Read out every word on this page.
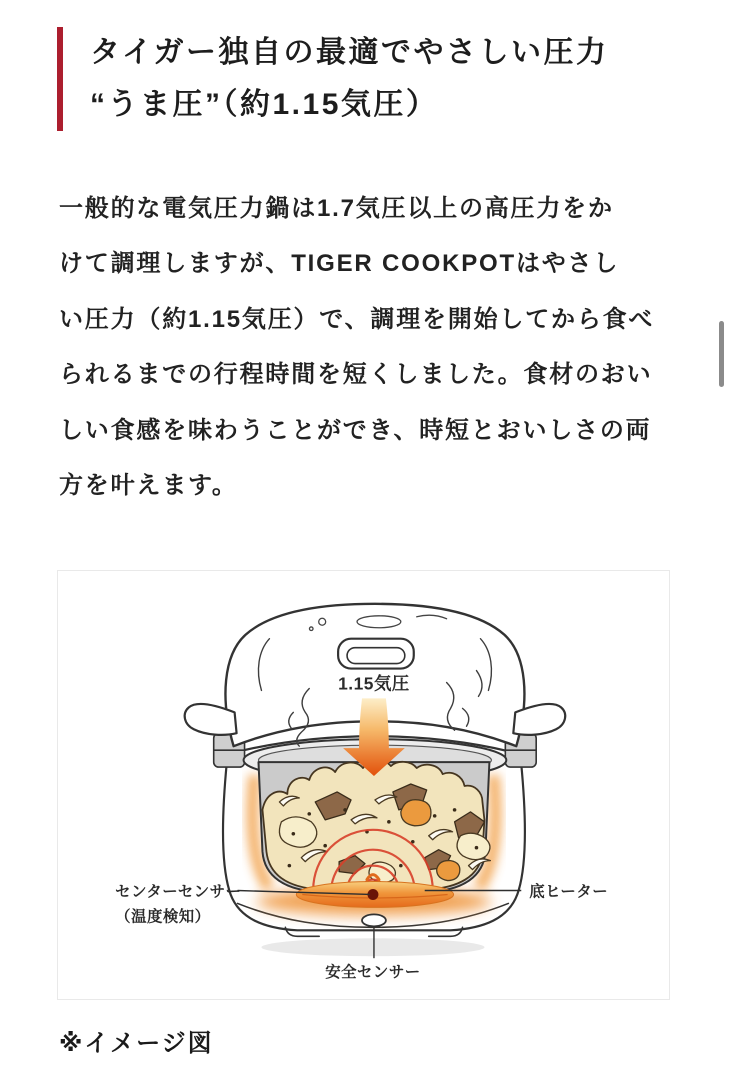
タイガー独自の最適でやさしい圧力
“うま圧”（約1.15気圧）
一般的な電気圧力鍋は1.7気圧以上の高圧力をか
けて調理しますが、TIGER COOKPOTはやさし
い圧力（約1.15気圧）で、調理を開始してから食べ
られるまでの行程時間を短くしました。食材のおい
しい食感を味わうことができ、時短とおいしさの両
方を叶えます。
1.15気圧
センターセンサー
（温度検知）
底ヒーター
安全センサー
※イメージ図
